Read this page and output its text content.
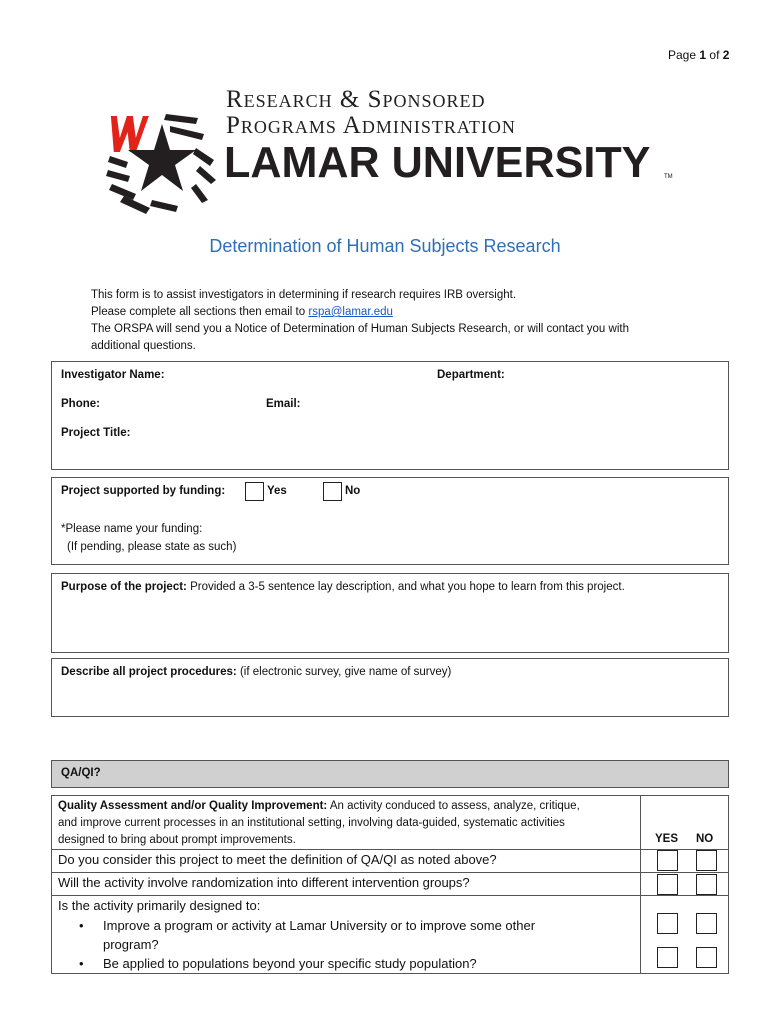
Page 1 of 2
Research & Sponsored
Programs Administration
LAMAR UNIVERSITY TM
Determination of Human Subjects Research
This form is to assist investigators in determining if research requires IRB oversight.
Please complete all sections then email to rspa@lamar.edu
The ORSPA will send you a Notice of Determination of Human Subjects Research, or will contact you with
additional questions.
Investigator Name:	Department:
Phone:	Email:
Project Title:
Project supported by funding:	Yes	No
*Please name your funding:
(If pending, please state as such)
Purpose of the project: Provided a 3-5 sentence lay description, and what you hope to learn from this project.
Describe all project procedures: (if electronic survey, give name of survey)
QA/QI?
Quality Assessment and/or Quality Improvement: An activity conduced to assess, analyze, critique,
and improve current processes in an institutional setting, involving data-guided, systematic activities
designed to bring about prompt improvements.	YES NO
Do you consider this project to meet the definition of QA/QI as noted above?
Will the activity involve randomization into different intervention groups?
Is the activity primarily designed to:
• Improve a program or activity at Lamar University or to improve some other
program?
• Be applied to populations beyond your specific study population?
